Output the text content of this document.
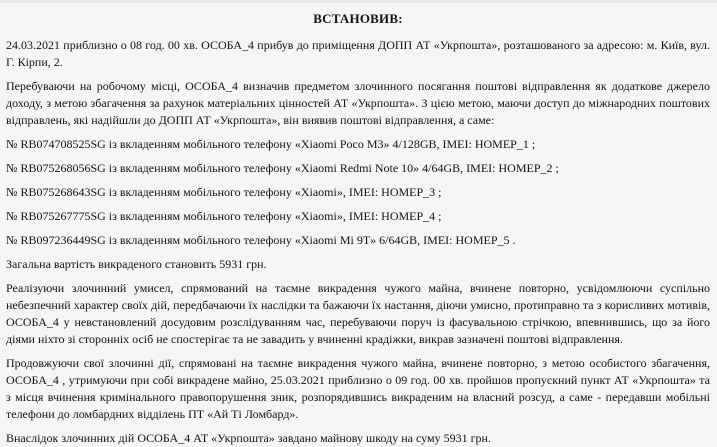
ВСТАНОВИВ:

24.03.2021 приблизно о 08 год. 00 хв. ОСОБА_4 прибув до приміщення ДОПП АТ «Укрпошта», розташованого за адресою: м. Київ, вул. Г. Кірпи, 2.

Перебуваючи на робочому місці, ОСОБА_4 визначив предметом злочинного посягання поштові відправлення як додаткове джерело доходу, з метою збагачення за рахунок матеріальних цінностей АТ «Укрпошта». З цією метою, маючи доступ до міжнародних поштових відправлень, які надійшли до ДОПП АТ «Укрпошта», він виявив поштові відправлення, а саме:

№ RB074708525SG із вкладенням мобільного телефону «Xiaomi Poco M3» 4/128GB, IMEI: НОМЕР_1 ;

№ RB075268056SG із вкладенням мобільного телефону «Xiaomi Redmi Note 10» 4/64GB, IMEI: НОМЕР_2 ;

№ RB075268643SG із вкладенням мобільного телефону «Xiaomi», IMEI: НОМЕР_3 ;

№ RB075267775SG із вкладенням мобільного телефону «Xiaomi», IMEI: НОМЕР_4 ;

№ RB097236449SG із вкладенням мобільного телефону «Xiaomi Mi 9T» 6/64GB, IMEI: НОМЕР_5 .

Загальна вартість викраденого становить 5931 грн.

Реалізуючи злочинний умисел, спрямований на таємне викрадення чужого майна, вчинене повторно, усвідомлюючи суспільно небезпечний характер своїх дій, передбачаючи їх наслідки та бажаючи їх настання, діючи умисно, протиправно та з корисливих мотивів, ОСОБА_4 у невстановлений досудовим розслідуванням час, перебуваючи поруч із фасувальною стрічкою, впевнившись, що за його діями ніхто зі сторонніх осіб не спостерігає та не завадить у вчиненні крадіжки, викрав зазначені поштові відправлення.

Продовжуючи свої злочинні дії, спрямовані на таємне викрадення чужого майна, вчинене повторно, з метою особистого збагачення, ОСОБА_4 , утримуючи при собі викрадене майно, 25.03.2021 приблизно о 09 год. 00 хв. пройшов пропускний пункт АТ «Укрпошта» та з місця вчинення кримінального правопорушення зник, розпорядившись викраденим на власний розсуд, а саме - передавши мобільні телефони до ломбардних відділень ПТ «Ай Ті Ломбард».

Внаслідок злочинних дій ОСОБА_4 АТ «Укрпошта» завдано майнову шкоду на суму 5931 грн.
